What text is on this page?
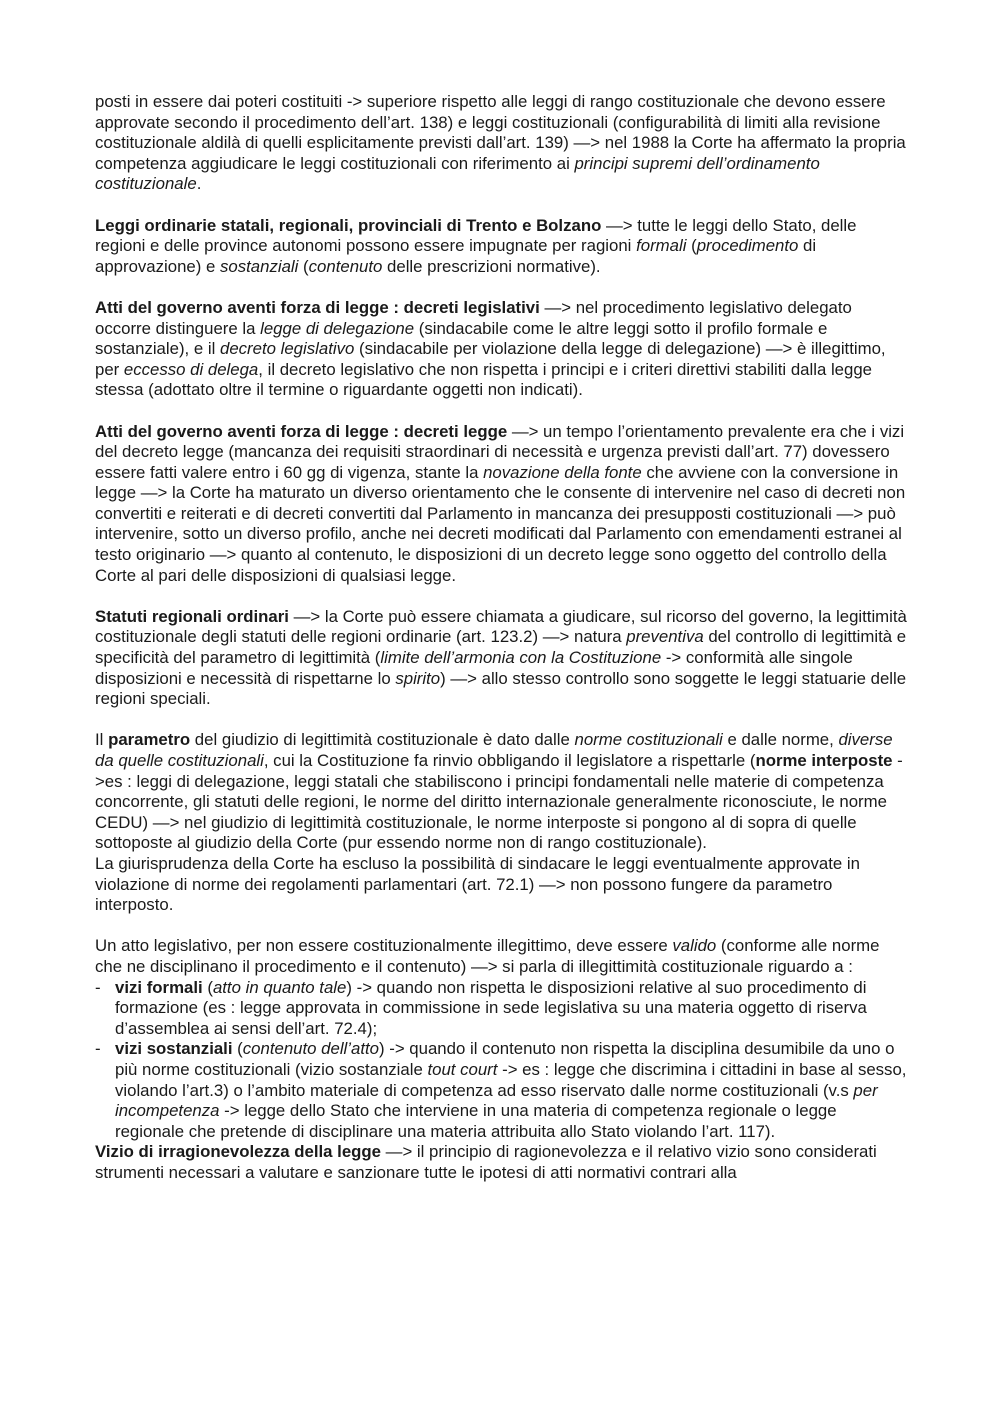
posti in essere dai poteri costituiti -> superiore rispetto alle leggi di rango costituzionale che devono essere approvate secondo il procedimento dell’art. 138) e leggi costituzionali (configurabilità di limiti alla revisione costituzionale aldilà di quelli esplicitamente previsti dall’art. 139) —> nel 1988 la Corte ha affermato la propria competenza aggiudicare le leggi costituzionali con riferimento ai principi supremi dell’ordinamento costituzionale.

Leggi ordinarie statali, regionali, provinciali di Trento e Bolzano —> tutte le leggi dello Stato, delle regioni e delle province autonomi possono essere impugnate per ragioni formali (procedimento di approvazione) e sostanziali (contenuto delle prescrizioni normative).

Atti del governo aventi forza di legge : decreti legislativi —> nel procedimento legislativo delegato occorre distinguere la legge di delegazione (sindacabile come le altre leggi sotto il profilo formale e sostanziale), e il decreto legislativo (sindacabile per violazione della legge di delegazione) —> è illegittimo, per eccesso di delega, il decreto legislativo che non rispetta i principi e i criteri direttivi stabiliti dalla legge stessa (adottato oltre il termine o riguardante oggetti non indicati).

Atti del governo aventi forza di legge : decreti legge —> un tempo l’orientamento prevalente era che i vizi del decreto legge (mancanza dei requisiti straordinari di necessità e urgenza previsti dall’art. 77) dovessero essere fatti valere entro i 60 gg di vigenza, stante la novazione della fonte che avviene con la conversione in legge —> la Corte ha maturato un diverso orientamento che le consente di intervenire nel caso di decreti non convertiti e reiterati e di decreti convertiti dal Parlamento in mancanza dei presupposti costituzionali —> può intervenire, sotto un diverso profilo, anche nei decreti modificati dal Parlamento con emendamenti estranei al testo originario —> quanto al contenuto, le disposizioni di un decreto legge sono oggetto del controllo della Corte al pari delle disposizioni di qualsiasi legge.

Statuti regionali ordinari —> la Corte può essere chiamata a giudicare, sul ricorso del governo, la legittimità costituzionale degli statuti delle regioni ordinarie (art. 123.2) —> natura preventiva del controllo di legittimità e specificità del parametro di legittimità (limite dell’armonia con la Costituzione -> conformità alle singole disposizioni e necessità di rispettarne lo spirito) —> allo stesso controllo sono soggette le leggi statuarie delle regioni speciali.

Il parametro del giudizio di legittimità costituzionale è dato dalle norme costituzionali e dalle norme, diverse da quelle costituzionali, cui la Costituzione fa rinvio obbligando il legislatore a rispettarle (norme interposte ->es : leggi di delegazione, leggi statali che stabiliscono i principi fondamentali nelle materie di competenza concorrente, gli statuti delle regioni, le norme del diritto internazionale generalmente riconosciute, le norme CEDU) —> nel giudizio di legittimità costituzionale, le norme interposte si pongono al di sopra di quelle sottoposte al giudizio della Corte (pur essendo norme non di rango costituzionale).

La giurisprudenza della Corte ha escluso la possibilità di sindacare le leggi eventualmente approvate in violazione di norme dei regolamenti parlamentari (art. 72.1) —> non possono fungere da parametro interposto.

Un atto legislativo, per non essere costituzionalmente illegittimo, deve essere valido (conforme alle norme che ne disciplinano il procedimento e il contenuto) —> si parla di illegittimità costituzionale riguardo a :

- vizi formali (atto in quanto tale) -> quando non rispetta le disposizioni relative al suo procedimento di formazione (es : legge approvata in commissione in sede legislativa su una materia oggetto di riserva d’assemblea ai sensi dell’art. 72.4);
- vizi sostanziali (contenuto dell’atto) -> quando il contenuto non rispetta la disciplina desumibile da uno o più norme costituzionali (vizio sostanziale tout court -> es : legge che discrimina i cittadini in base al sesso, violando l’art.3) o l’ambito materiale di competenza ad esso riservato dalle norme costituzionali (v.s per incompetenza -> legge dello Stato che interviene in una materia di competenza regionale o legge regionale che pretende di disciplinare una materia attribuita allo Stato violando l’art. 117).

Vizio di irragionevolezza della legge —> il principio di ragionevolezza e il relativo vizio sono considerati strumenti necessari a valutare e sanzionare tutte le ipotesi di atti normativi contrari alla
